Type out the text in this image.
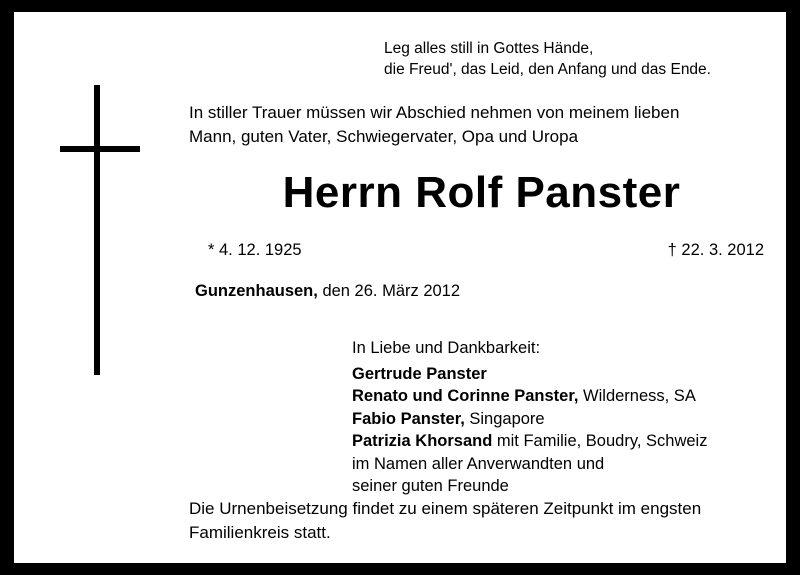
Leg alles still in Gottes Hände,
die Freud', das Leid, den Anfang und das Ende.
In stiller Trauer müssen wir Abschied nehmen von meinem lieben
Mann, guten Vater, Schwiegervater, Opa und Uropa
Herrn Rolf Panster
* 4. 12. 1925	† 22. 3. 2012
Gunzenhausen, den 26. März 2012
In Liebe und Dankbarkeit:
Gertrude Panster
Renato und Corinne Panster, Wilderness, SA
Fabio Panster, Singapore
Patrizia Khorsand mit Familie, Boudry, Schweiz
im Namen aller Anverwandten und
seiner guten Freunde
Die Urnenbeisetzung findet zu einem späteren Zeitpunkt im engsten
Familienkreis statt.
